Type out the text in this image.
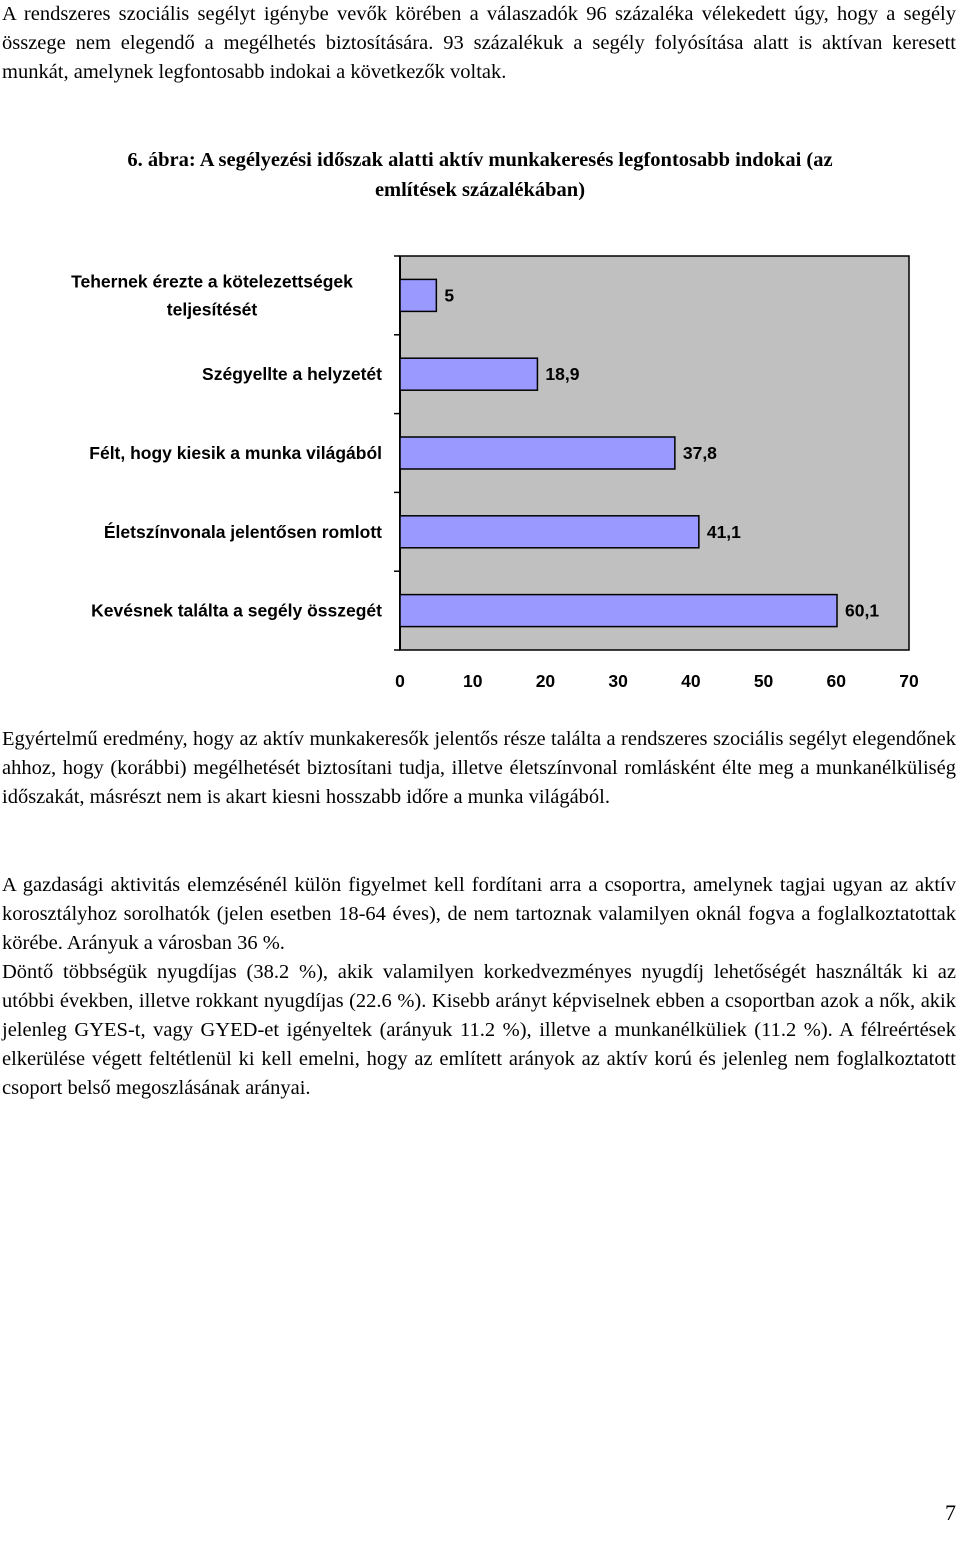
A rendszeres szociális segélyt igénybe vevők körében a válaszadók 96 százaléka vélekedett úgy, hogy a segély összege nem elegendő a megélhetés biztosítására. 93 százalékuk a segély folyósítása alatt is aktívan keresett munkát, amelynek legfontosabb indokai a következők voltak.

6. ábra: A segélyezési időszak alatti aktív munkakeresés legfontosabb indokai (az
említések százalékában)
5
Tehernek érezte a kötelezettségek
teljesítését
18,9
Szégyellte a helyzetét
37,8
Félt, hogy kiesik a munka világából
41,1
Életszínvonala jelentősen romlott
60,1
Kevésnek találta a segély összegét
0	10	20	30	40	50	60	70

Egyértelmű eredmény, hogy az aktív munkakeresők jelentős része találta a rendszeres szociális segélyt elegendőnek ahhoz, hogy (korábbi) megélhetését biztosítani tudja, illetve életszínvonal romlásként élte meg a munkanélküliség időszakát, másrészt nem is akart kiesni hosszabb időre a munka világából.

A gazdasági aktivitás elemzésénél külön figyelmet kell fordítani arra a csoportra, amelynek tagjai ugyan az aktív korosztályhoz sorolhatók (jelen esetben 18-64 éves), de nem tartoznak valamilyen oknál fogva a foglalkoztatottak körébe. Arányuk a városban 36 %.
Döntő többségük nyugdíjas (38.2 %), akik valamilyen korkedvezményes nyugdíj lehetőségét használták ki az utóbbi években, illetve rokkant nyugdíjas (22.6 %). Kisebb arányt képviselnek ebben a csoportban azok a nők, akik jelenleg GYES-t, vagy GYED-et igényeltek (arányuk 11.2 %), illetve a munkanélküliek (11.2 %). A félreértések elkerülése végett feltétlenül ki kell emelni, hogy az említett arányok az aktív korú és jelenleg nem foglalkoztatott csoport belső megoszlásának arányai.
7
